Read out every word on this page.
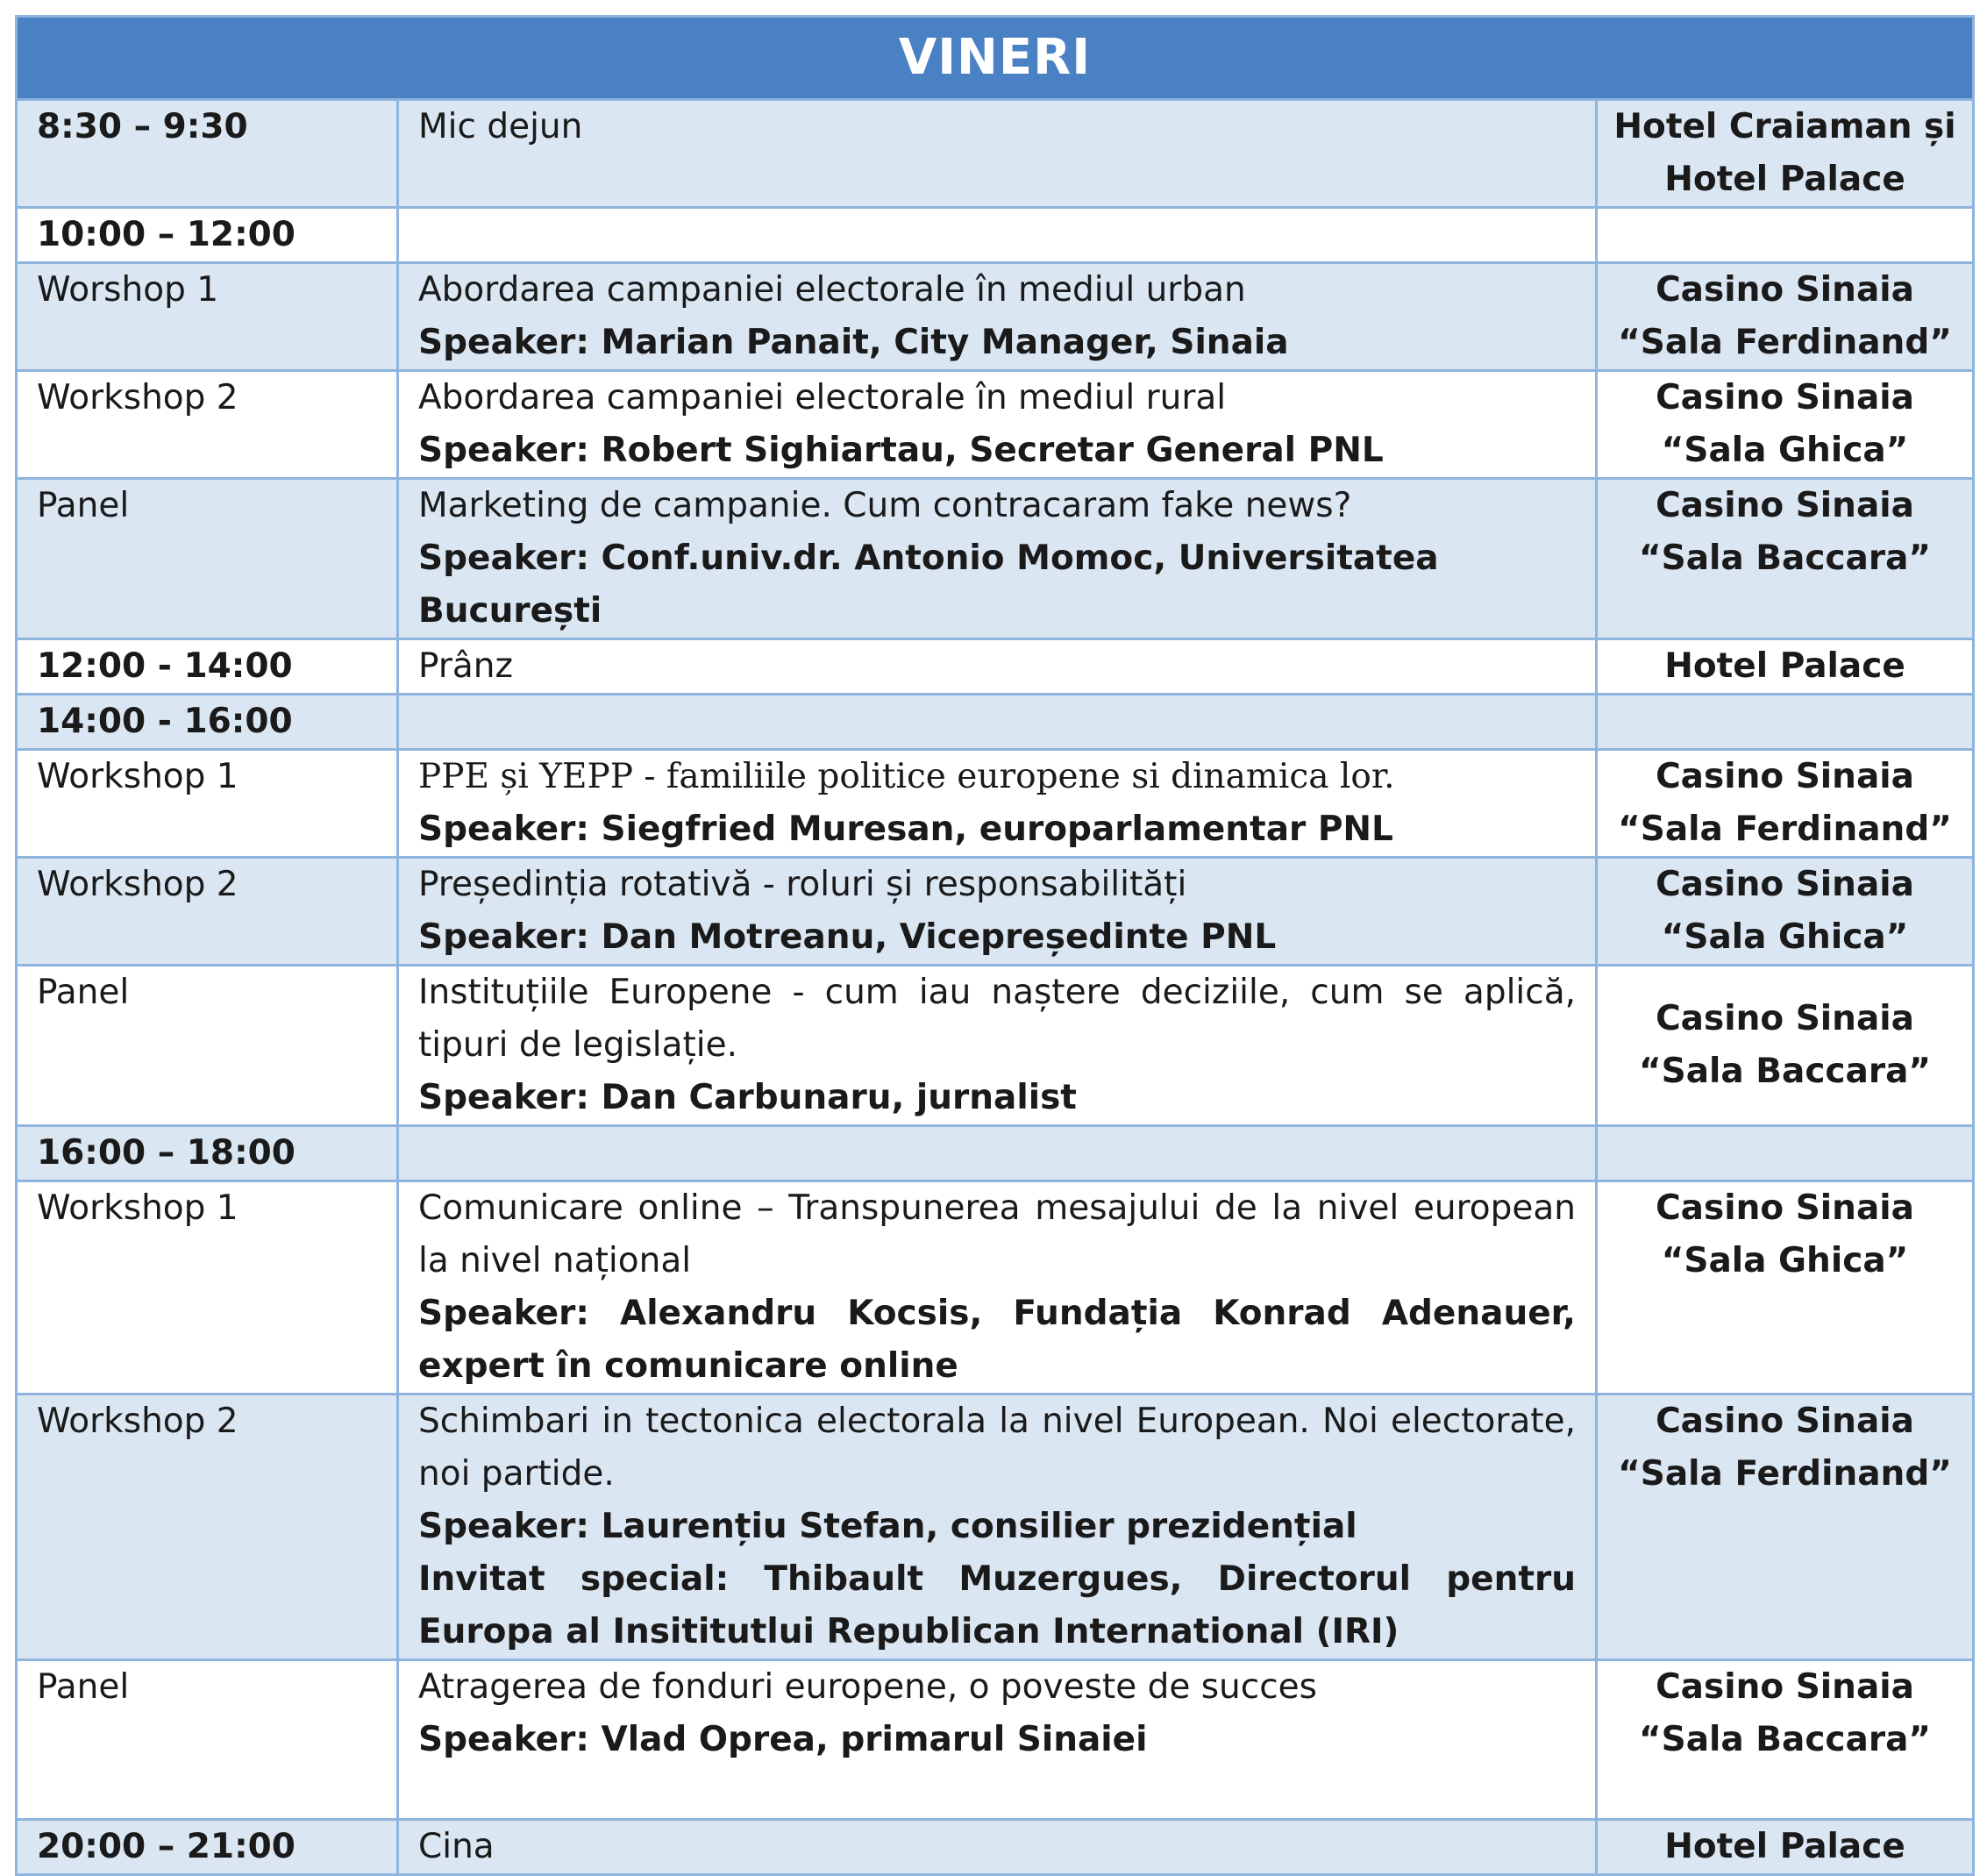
VINERI		
8:30 – 9:30	Mic dejun	Hotel Craiaman și
Hotel Palace

10:00 – 12:00		
Worshop 1	Abordarea campaniei electorale în mediul urban
Speaker: Marian Panait, City Manager, Sinaia	Casino Sinaia
“Sala Ferdinand”

Workshop 2	Abordarea campaniei electorale în mediul rural
Speaker: Robert Sighiartau, Secretar General PNL	Casino Sinaia
“Sala Ghica”

Panel	Marketing de campanie. Cum contracaram fake news?
Speaker: Conf.univ.dr. Antonio Momoc, Universitatea București	Casino Sinaia
“Sala Baccara”

12:00 - 14:00	Prânz	Hotel Palace

14:00 - 16:00		
Workshop 1	PPE și YEPP - familiile politice europene si dinamica lor.
Speaker: Siegfried Muresan, europarlamentar PNL	Casino Sinaia
“Sala Ferdinand”

Workshop 2	Președinția rotativă - roluri și responsabilități
Speaker: Dan Motreanu, Vicepreședinte PNL	Casino Sinaia
“Sala Ghica”

Panel	Instituțiile Europene - cum iau naștere deciziile, cum se aplică, tipuri de legislație.
Speaker: Dan Carbunaru, jurnalist	Casino Sinaia
“Sala Baccara”

16:00 – 18:00		
Workshop 1	Comunicare online – Transpunerea mesajului de la nivel european la nivel național
Speaker: Alexandru Kocsis, Fundația Konrad Adenauer, expert în comunicare online	Casino Sinaia
“Sala Ghica”

Workshop 2	Schimbari in tectonica electorala la nivel European. Noi electorate, noi partide.
Speaker: Laurențiu Stefan, consilier prezidențial
Invitat special: Thibault Muzergues, Directorul pentru Europa al Insititutlui Republican International (IRI)	Casino Sinaia
“Sala Ferdinand”

Panel	Atragerea de fonduri europene, o poveste de succes
Speaker: Vlad Oprea, primarul Sinaiei	Casino Sinaia
“Sala Baccara”

20:00 – 21:00	Cina	Hotel Palace
